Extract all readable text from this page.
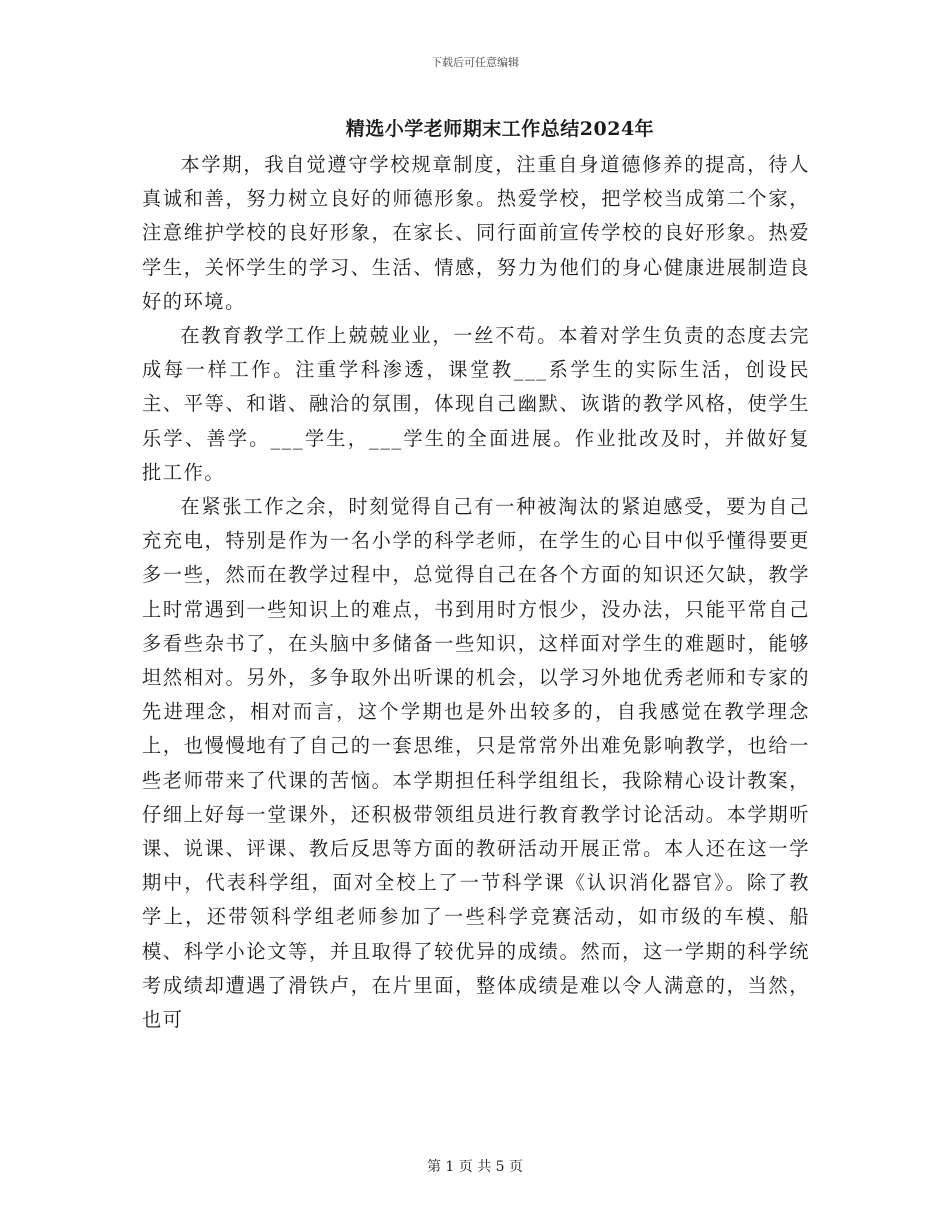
下载后可任意编辑
精选小学老师期末工作总结2024年

本学期，我自觉遵守学校规章制度，注重自身道德修养的提高，待人真诚和善，努力树立良好的师德形象。热爱学校，把学校当成第二个家，注意维护学校的良好形象，在家长、同行面前宣传学校的良好形象。热爱学生，关怀学生的学习、生活、情感，努力为他们的身心健康进展制造良好的环境。

在教育教学工作上兢兢业业，一丝不苟。本着对学生负责的态度去完成每一样工作。注重学科渗透，课堂教___系学生的实际生活，创设民主、平等、和谐、融洽的氛围，体现自己幽默、诙谐的教学风格，使学生乐学、善学。___学生，___学生的全面进展。作业批改及时，并做好复批工作。

在紧张工作之余，时刻觉得自己有一种被淘汰的紧迫感受，要为自己充充电，特别是作为一名小学的科学老师，在学生的心目中似乎懂得要更多一些，然而在教学过程中，总觉得自己在各个方面的知识还欠缺，教学上时常遇到一些知识上的难点，书到用时方恨少，没办法，只能平常自己多看些杂书了，在头脑中多储备一些知识，这样面对学生的难题时，能够坦然相对。另外，多争取外出听课的机会，以学习外地优秀老师和专家的先进理念，相对而言，这个学期也是外出较多的，自我感觉在教学理念上，也慢慢地有了自己的一套思维，只是常常外出难免影响教学，也给一些老师带来了代课的苦恼。本学期担任科学组组长，我除精心设计教案，仔细上好每一堂课外，还积极带领组员进行教育教学讨论活动。本学期听课、说课、评课、教后反思等方面的教研活动开展正常。本人还在这一学期中，代表科学组，面对全校上了一节科学课《认识消化器官》。除了教学上，还带领科学组老师参加了一些科学竞赛活动，如市级的车模、船模、科学小论文等，并且取得了较优异的成绩。然而，这一学期的科学统考成绩却遭遇了滑铁卢，在片里面，整体成绩是难以令人满意的，当然，也可

第 1 页 共 5 页
